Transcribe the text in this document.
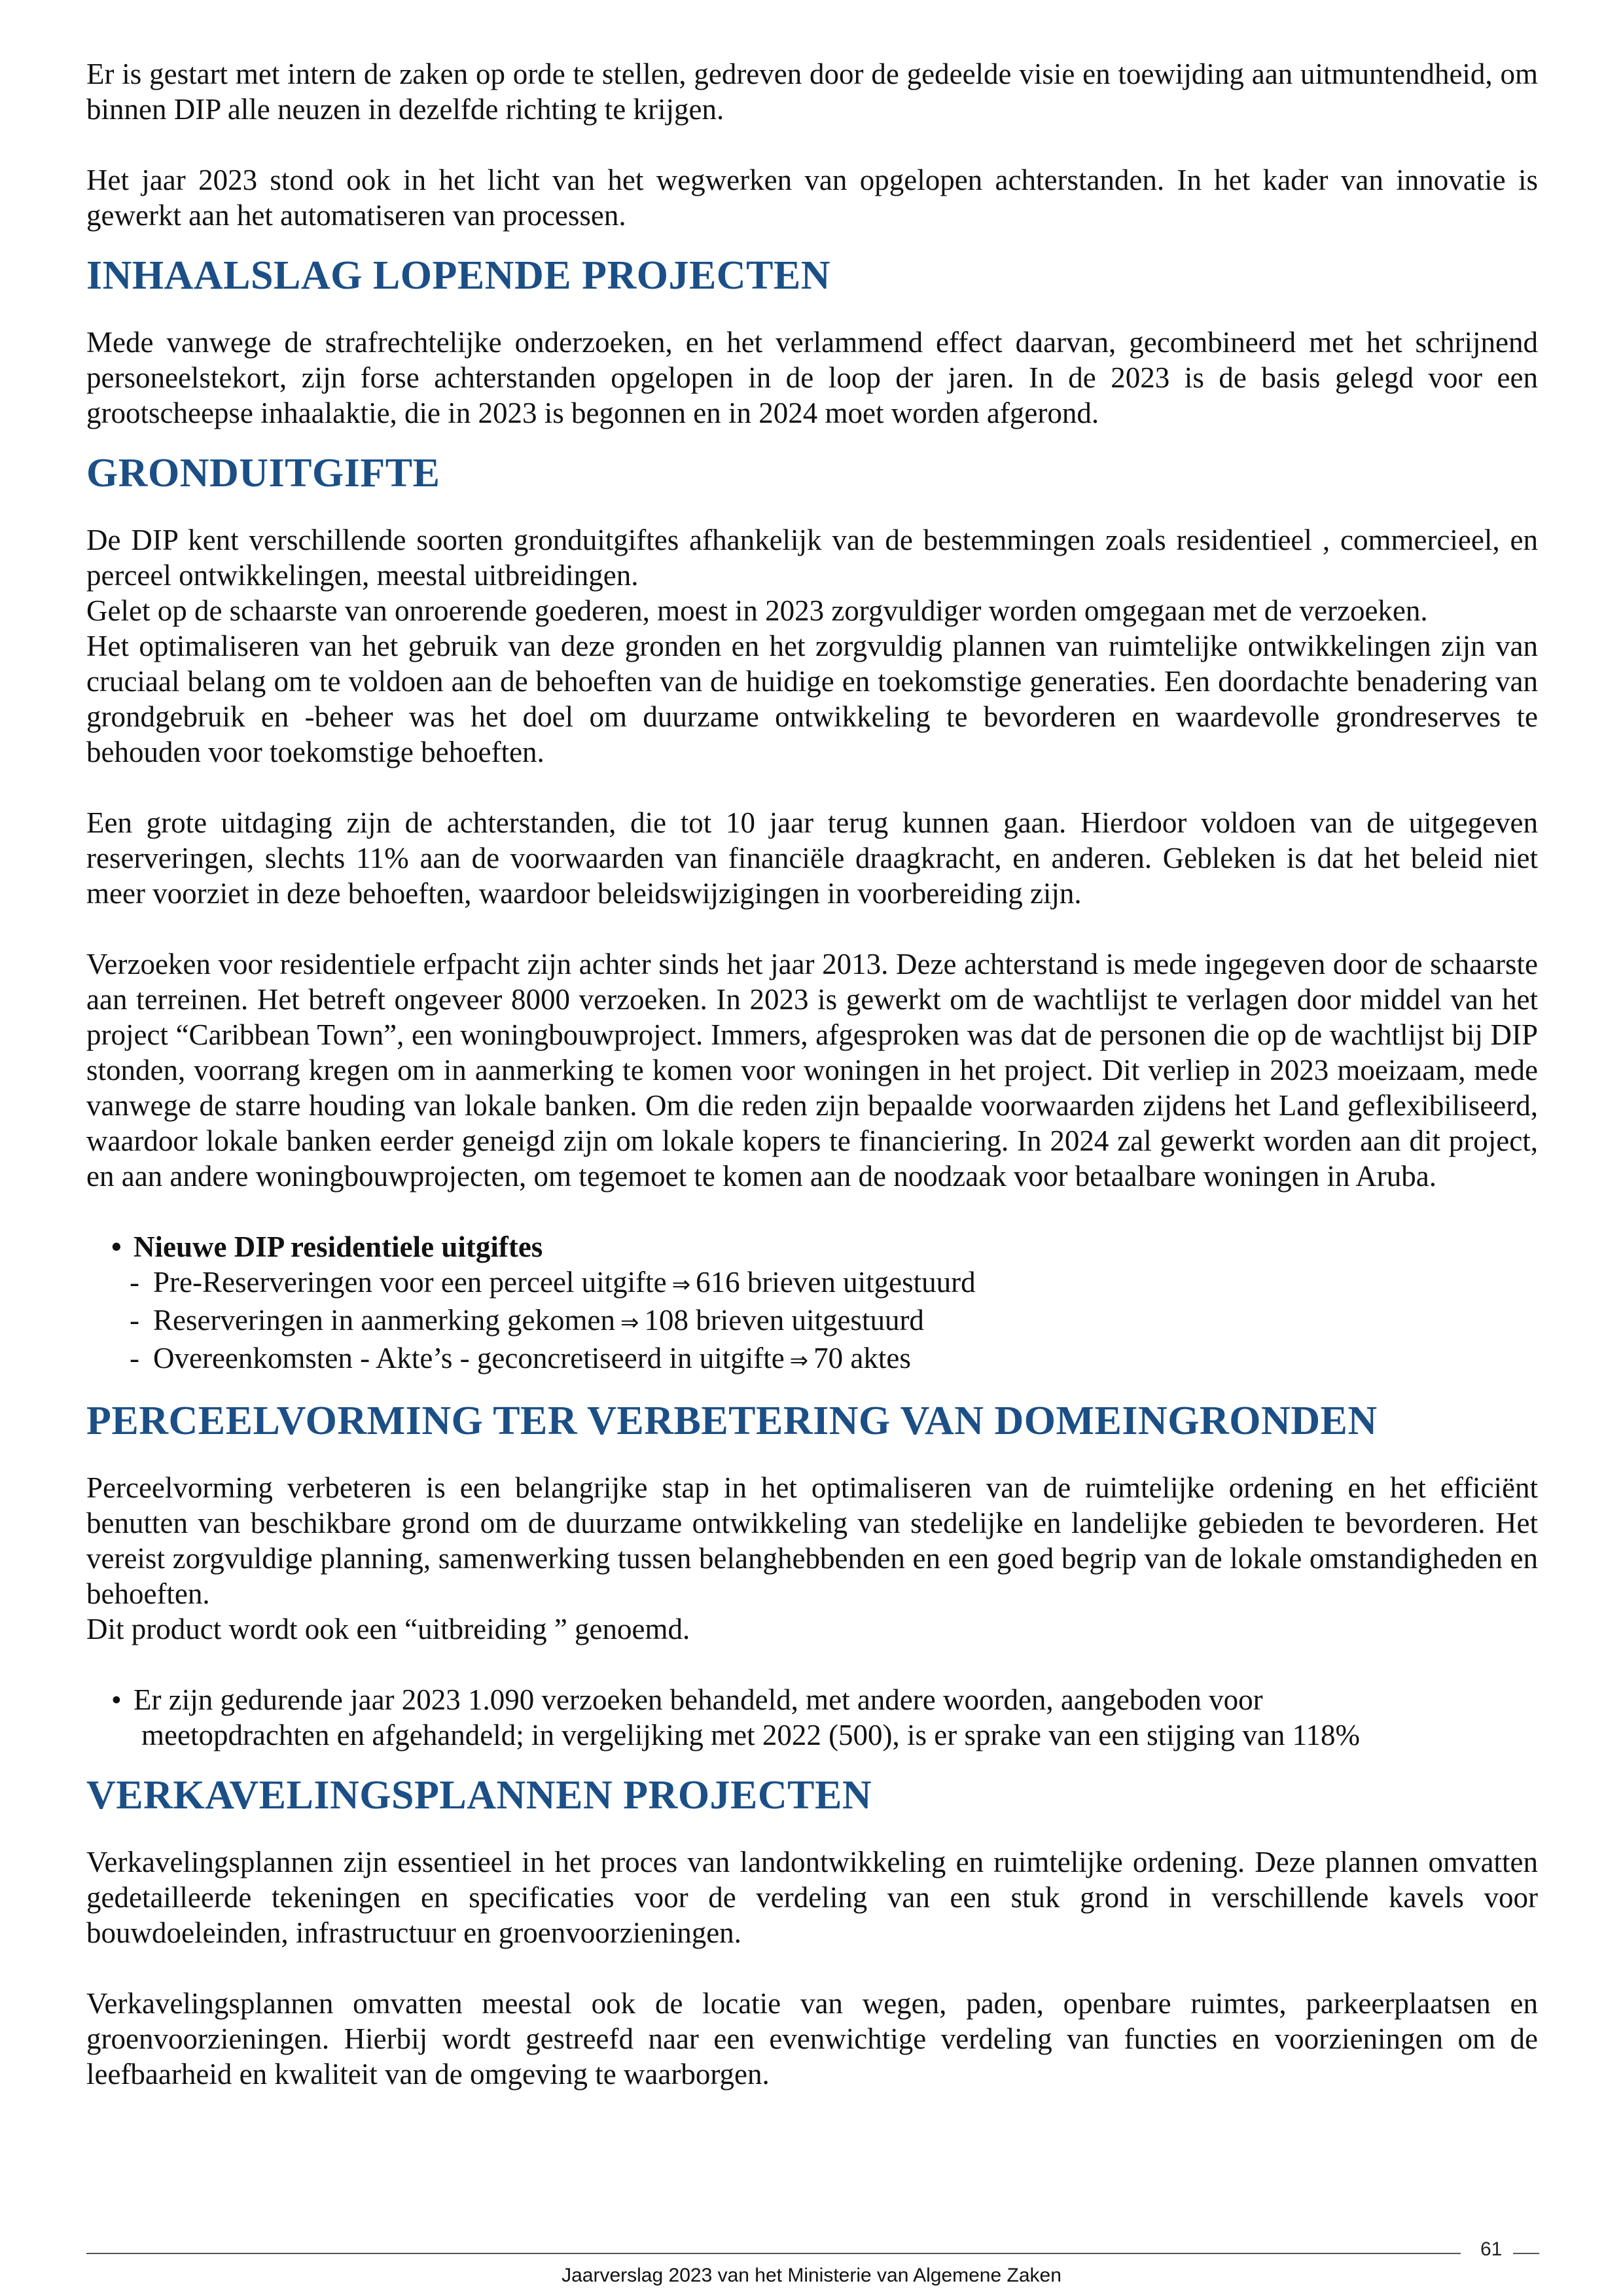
Er is gestart met intern de zaken op orde te stellen, gedreven door de gedeelde visie en toewijding aan uitmuntendheid, om binnen DIP alle neuzen in dezelfde richting te krijgen.

Het jaar 2023 stond ook in het licht van het wegwerken van opgelopen achterstanden. In het kader van innovatie is gewerkt aan het automatiseren van processen.

INHAALSLAG LOPENDE PROJECTEN

Mede vanwege de strafrechtelijke onderzoeken, en het verlammend effect daarvan, gecombineerd met het schrijnend personeelstekort, zijn forse achterstanden opgelopen in de loop der jaren. In de 2023 is de basis gelegd voor een grootscheepse inhaalaktie, die in 2023 is begonnen en in 2024 moet worden afgerond.

GRONDUITGIFTE

De DIP kent verschillende soorten gronduitgiftes afhankelijk van de bestemmingen zoals residentieel , commercieel, en perceel ontwikkelingen, meestal uitbreidingen.

Gelet op de schaarste van onroerende goederen, moest in 2023 zorgvuldiger worden omgegaan met de verzoeken.

Het optimaliseren van het gebruik van deze gronden en het zorgvuldig plannen van ruimtelijke ontwikkelingen zijn van cruciaal belang om te voldoen aan de behoeften van de huidige en toekomstige generaties. Een doordachte benadering van grondgebruik en -beheer was het doel om duurzame ontwikkeling te bevorderen en waardevolle grondreserves te behouden voor toekomstige behoeften.

Een grote uitdaging zijn de achterstanden, die tot 10 jaar terug kunnen gaan. Hierdoor voldoen van de uitgegeven reserveringen, slechts 11% aan de voorwaarden van financiële draagkracht, en anderen. Gebleken is dat het beleid niet meer voorziet in deze behoeften, waardoor beleidswijzigingen in voorbereiding zijn.

Verzoeken voor residentiele erfpacht zijn achter sinds het jaar 2013. Deze achterstand is mede ingegeven door de schaarste aan terreinen. Het betreft ongeveer 8000 verzoeken. In 2023 is gewerkt om de wachtlijst te verlagen door middel van het project “Caribbean Town”, een woningbouwproject. Immers, afgesproken was dat de personen die op de wachtlijst bij DIP stonden, voorrang kregen om in aanmerking te komen voor woningen in het project. Dit verliep in 2023 moeizaam, mede vanwege de starre houding van lokale banken. Om die reden zijn bepaalde voorwaarden zijdens het Land geflexibiliseerd, waardoor lokale banken eerder geneigd zijn om lokale kopers te financiering. In 2024 zal gewerkt worden aan dit project, en aan andere woningbouwprojecten, om tegemoet te komen aan de noodzaak voor betaalbare woningen in Aruba.

• Nieuwe DIP residentiele uitgiftes
- Pre-Reserveringen voor een perceel uitgifte ⇒ 616 brieven uitgestuurd
- Reserveringen in aanmerking gekomen ⇒ 108 brieven uitgestuurd
- Overeenkomsten - Akte’s - geconcretiseerd in uitgifte ⇒ 70 aktes
PERCEELVORMING TER VERBETERING VAN DOMEINGRONDEN

Perceelvorming verbeteren is een belangrijke stap in het optimaliseren van de ruimtelijke ordening en het efficiënt benutten van beschikbare grond om de duurzame ontwikkeling van stedelijke en landelijke gebieden te bevorderen. Het vereist zorgvuldige planning, samenwerking tussen belanghebbenden en een goed begrip van de lokale omstandigheden en behoeften.

Dit product wordt ook een “uitbreiding ” genoemd.

• Er zijn gedurende jaar 2023 1.090 verzoeken behandeld, met andere woorden, aangeboden voor
meetopdrachten en afgehandeld; in vergelijking met 2022 (500), is er sprake van een stijging van 118%
VERKAVELINGSPLANNEN PROJECTEN

Verkavelingsplannen zijn essentieel in het proces van landontwikkeling en ruimtelijke ordening. Deze plannen omvatten gedetailleerde tekeningen en specificaties voor de verdeling van een stuk grond in verschillende kavels voor bouwdoeleinden, infrastructuur en groenvoorzieningen.

Verkavelingsplannen omvatten meestal ook de locatie van wegen, paden, openbare ruimtes, parkeerplaatsen en groenvoorzieningen. Hierbij wordt gestreefd naar een evenwichtige verdeling van functies en voorzieningen om de leefbaarheid en kwaliteit van de omgeving te waarborgen.

61
Jaarverslag 2023 van het Ministerie van Algemene Zaken
